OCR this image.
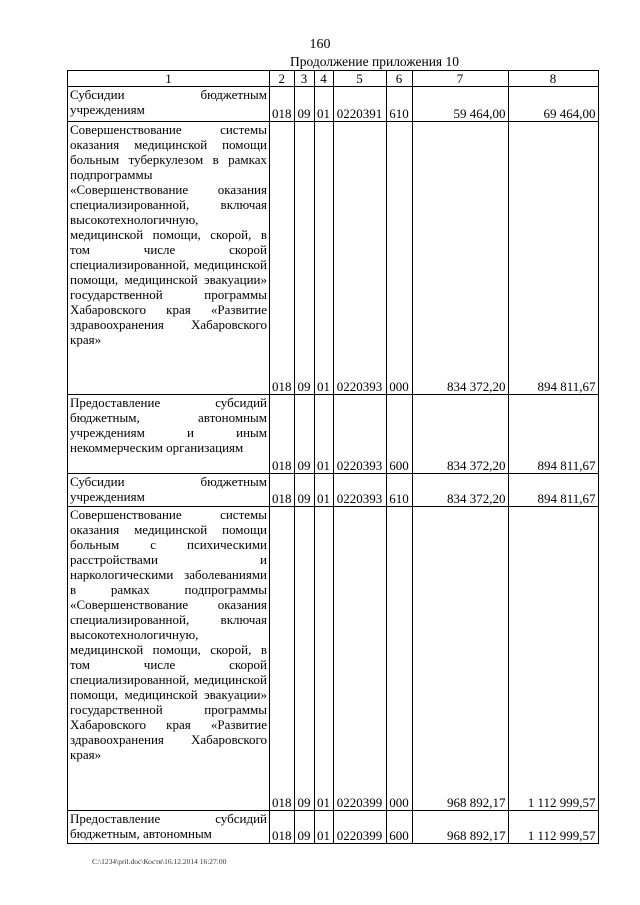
160
Продолжение приложения 10
1	2	3	4	5	6	7	8
Субсидии бюджетным учреждениям	018	09	01	0220391	610	59 464,00	69 464,00
Совершенствование системы оказания медицинской помощи больным туберкулезом в рамках подпрограммы «Совершенствование оказания специализированной, включая высокотехнологичную, медицинской помощи, скорой, в том числе скорой специализированной, медицинской помощи, медицинской эвакуации» государственной программы Хабаровского края «Развитие здравоохранения Хабаровского края»	018	09	01	0220393	000	834 372,20	894 811,67
Предоставление субсидий бюджетным, автономным учреждениям и иным некоммерческим организациям	018	09	01	0220393	600	834 372,20	894 811,67
Субсидии бюджетным учреждениям	018	09	01	0220393	610	834 372,20	894 811,67
Совершенствование системы оказания медицинской помощи больным с психическими расстройствами и наркологическими заболеваниями в рамках подпрограммы «Совершенствование оказания специализированной, включая высокотехнологичную, медицинской помощи, скорой, в том числе скорой специализированной, медицинской помощи, медицинской эвакуации» государственной программы Хабаровского края «Развитие здравоохранения Хабаровского края»	018	09	01	0220399	000	968 892,17	1 112 999,57
Предоставление субсидий бюджетным, автономным	018	09	01	0220399	600	968 892,17	1 112 999,57
C:\1234\pril.doc\Костя\16.12.2014 16:27:00
